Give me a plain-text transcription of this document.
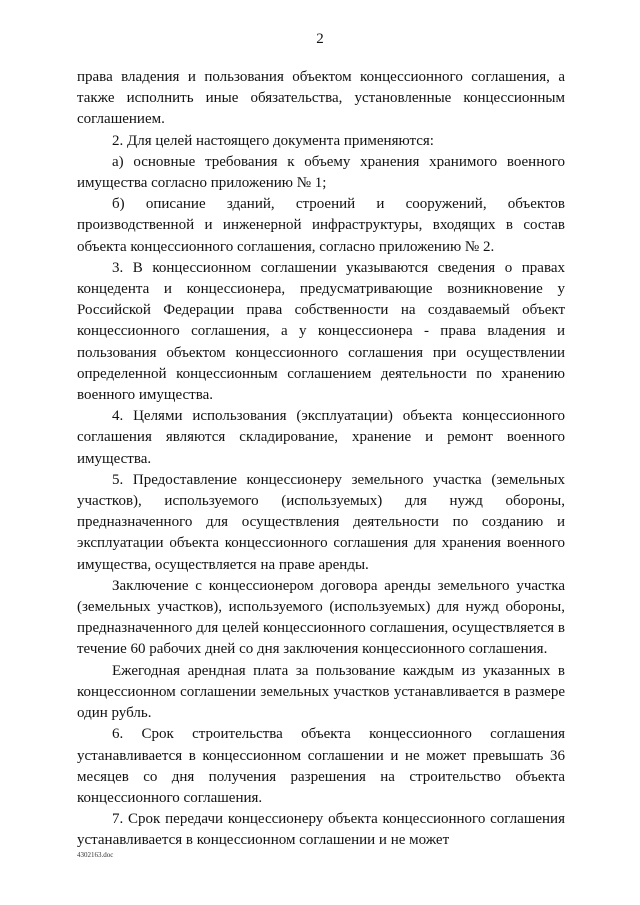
2

права владения и пользования объектом концессионного соглашения, а также исполнить иные обязательства, установленные концессионным соглашением.

2. Для целей настоящего документа применяются:

а) основные требования к объему хранения хранимого военного имущества согласно приложению № 1;

б) описание зданий, строений и сооружений, объектов производственной и инженерной инфраструктуры, входящих в состав объекта концессионного соглашения, согласно приложению № 2.

3. В концессионном соглашении указываются сведения о правах концедента и концессионера, предусматривающие возникновение у Российской Федерации права собственности на создаваемый объект концессионного соглашения, а у концессионера - права владения и пользования объектом концессионного соглашения при осуществлении определенной концессионным соглашением деятельности по хранению военного имущества.

4. Целями использования (эксплуатации) объекта концессионного соглашения являются складирование, хранение и ремонт военного имущества.

5. Предоставление концессионеру земельного участка (земельных участков), используемого (используемых) для нужд обороны, предназначенного для осуществления деятельности по созданию и эксплуатации объекта концессионного соглашения для хранения военного имущества, осуществляется на праве аренды.

Заключение с концессионером договора аренды земельного участка (земельных участков), используемого (используемых) для нужд обороны, предназначенного для целей концессионного соглашения, осуществляется в течение 60 рабочих дней со дня заключения концессионного соглашения.

Ежегодная арендная плата за пользование каждым из указанных в концессионном соглашении земельных участков устанавливается в размере один рубль.

6. Срок строительства объекта концессионного соглашения устанавливается в концессионном соглашении и не может превышать 36 месяцев со дня получения разрешения на строительство объекта концессионного соглашения.

7. Срок передачи концессионеру объекта концессионного соглашения устанавливается в концессионном соглашении и не может

4302163.doc
